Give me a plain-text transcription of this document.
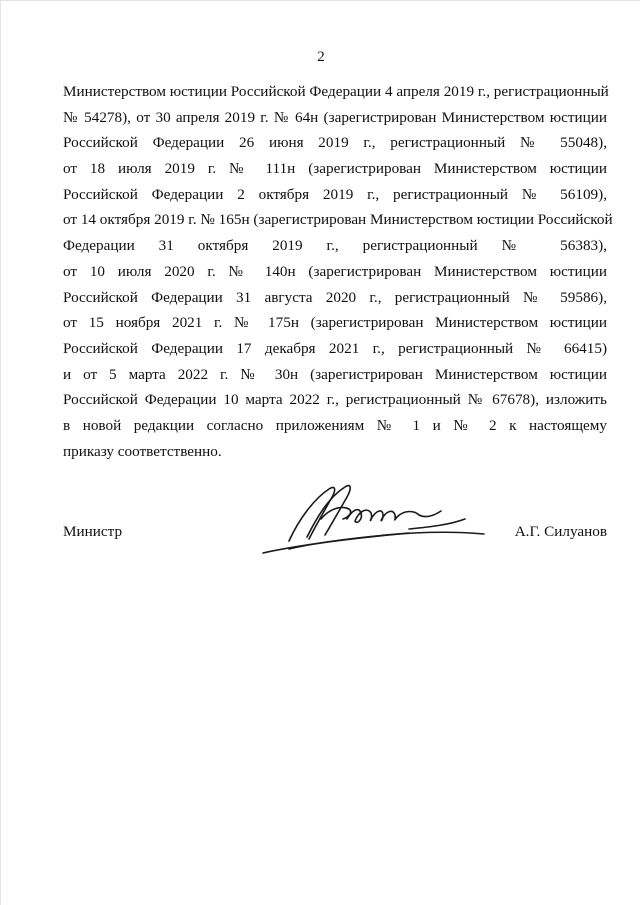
2
Министерством юстиции Российской Федерации 4 апреля 2019 г., регистрационный
№ 54278), от 30 апреля 2019 г. № 64н (зарегистрирован Министерством юстиции
Российской Федерации 26 июня 2019 г., регистрационный № 55048),
от 18 июля 2019 г. № 111н (зарегистрирован Министерством юстиции
Российской Федерации 2 октября 2019 г., регистрационный № 56109),
от 14 октября 2019 г. № 165н (зарегистрирован Министерством юстиции Российской
Федерации 31 октября 2019 г., регистрационный № 56383),
от 10 июля 2020 г. № 140н (зарегистрирован Министерством юстиции
Российской Федерации 31 августа 2020 г., регистрационный № 59586),
от 15 ноября 2021 г. № 175н (зарегистрирован Министерством юстиции
Российской Федерации 17 декабря 2021 г., регистрационный № 66415)
и от 5 марта 2022 г. № 30н (зарегистрирован Министерством юстиции
Российской Федерации 10 марта 2022 г., регистрационный № 67678), изложить
в новой редакции согласно приложениям № 1 и № 2 к настоящему
приказу соответственно.
Министр	А.Г. Силуанов
